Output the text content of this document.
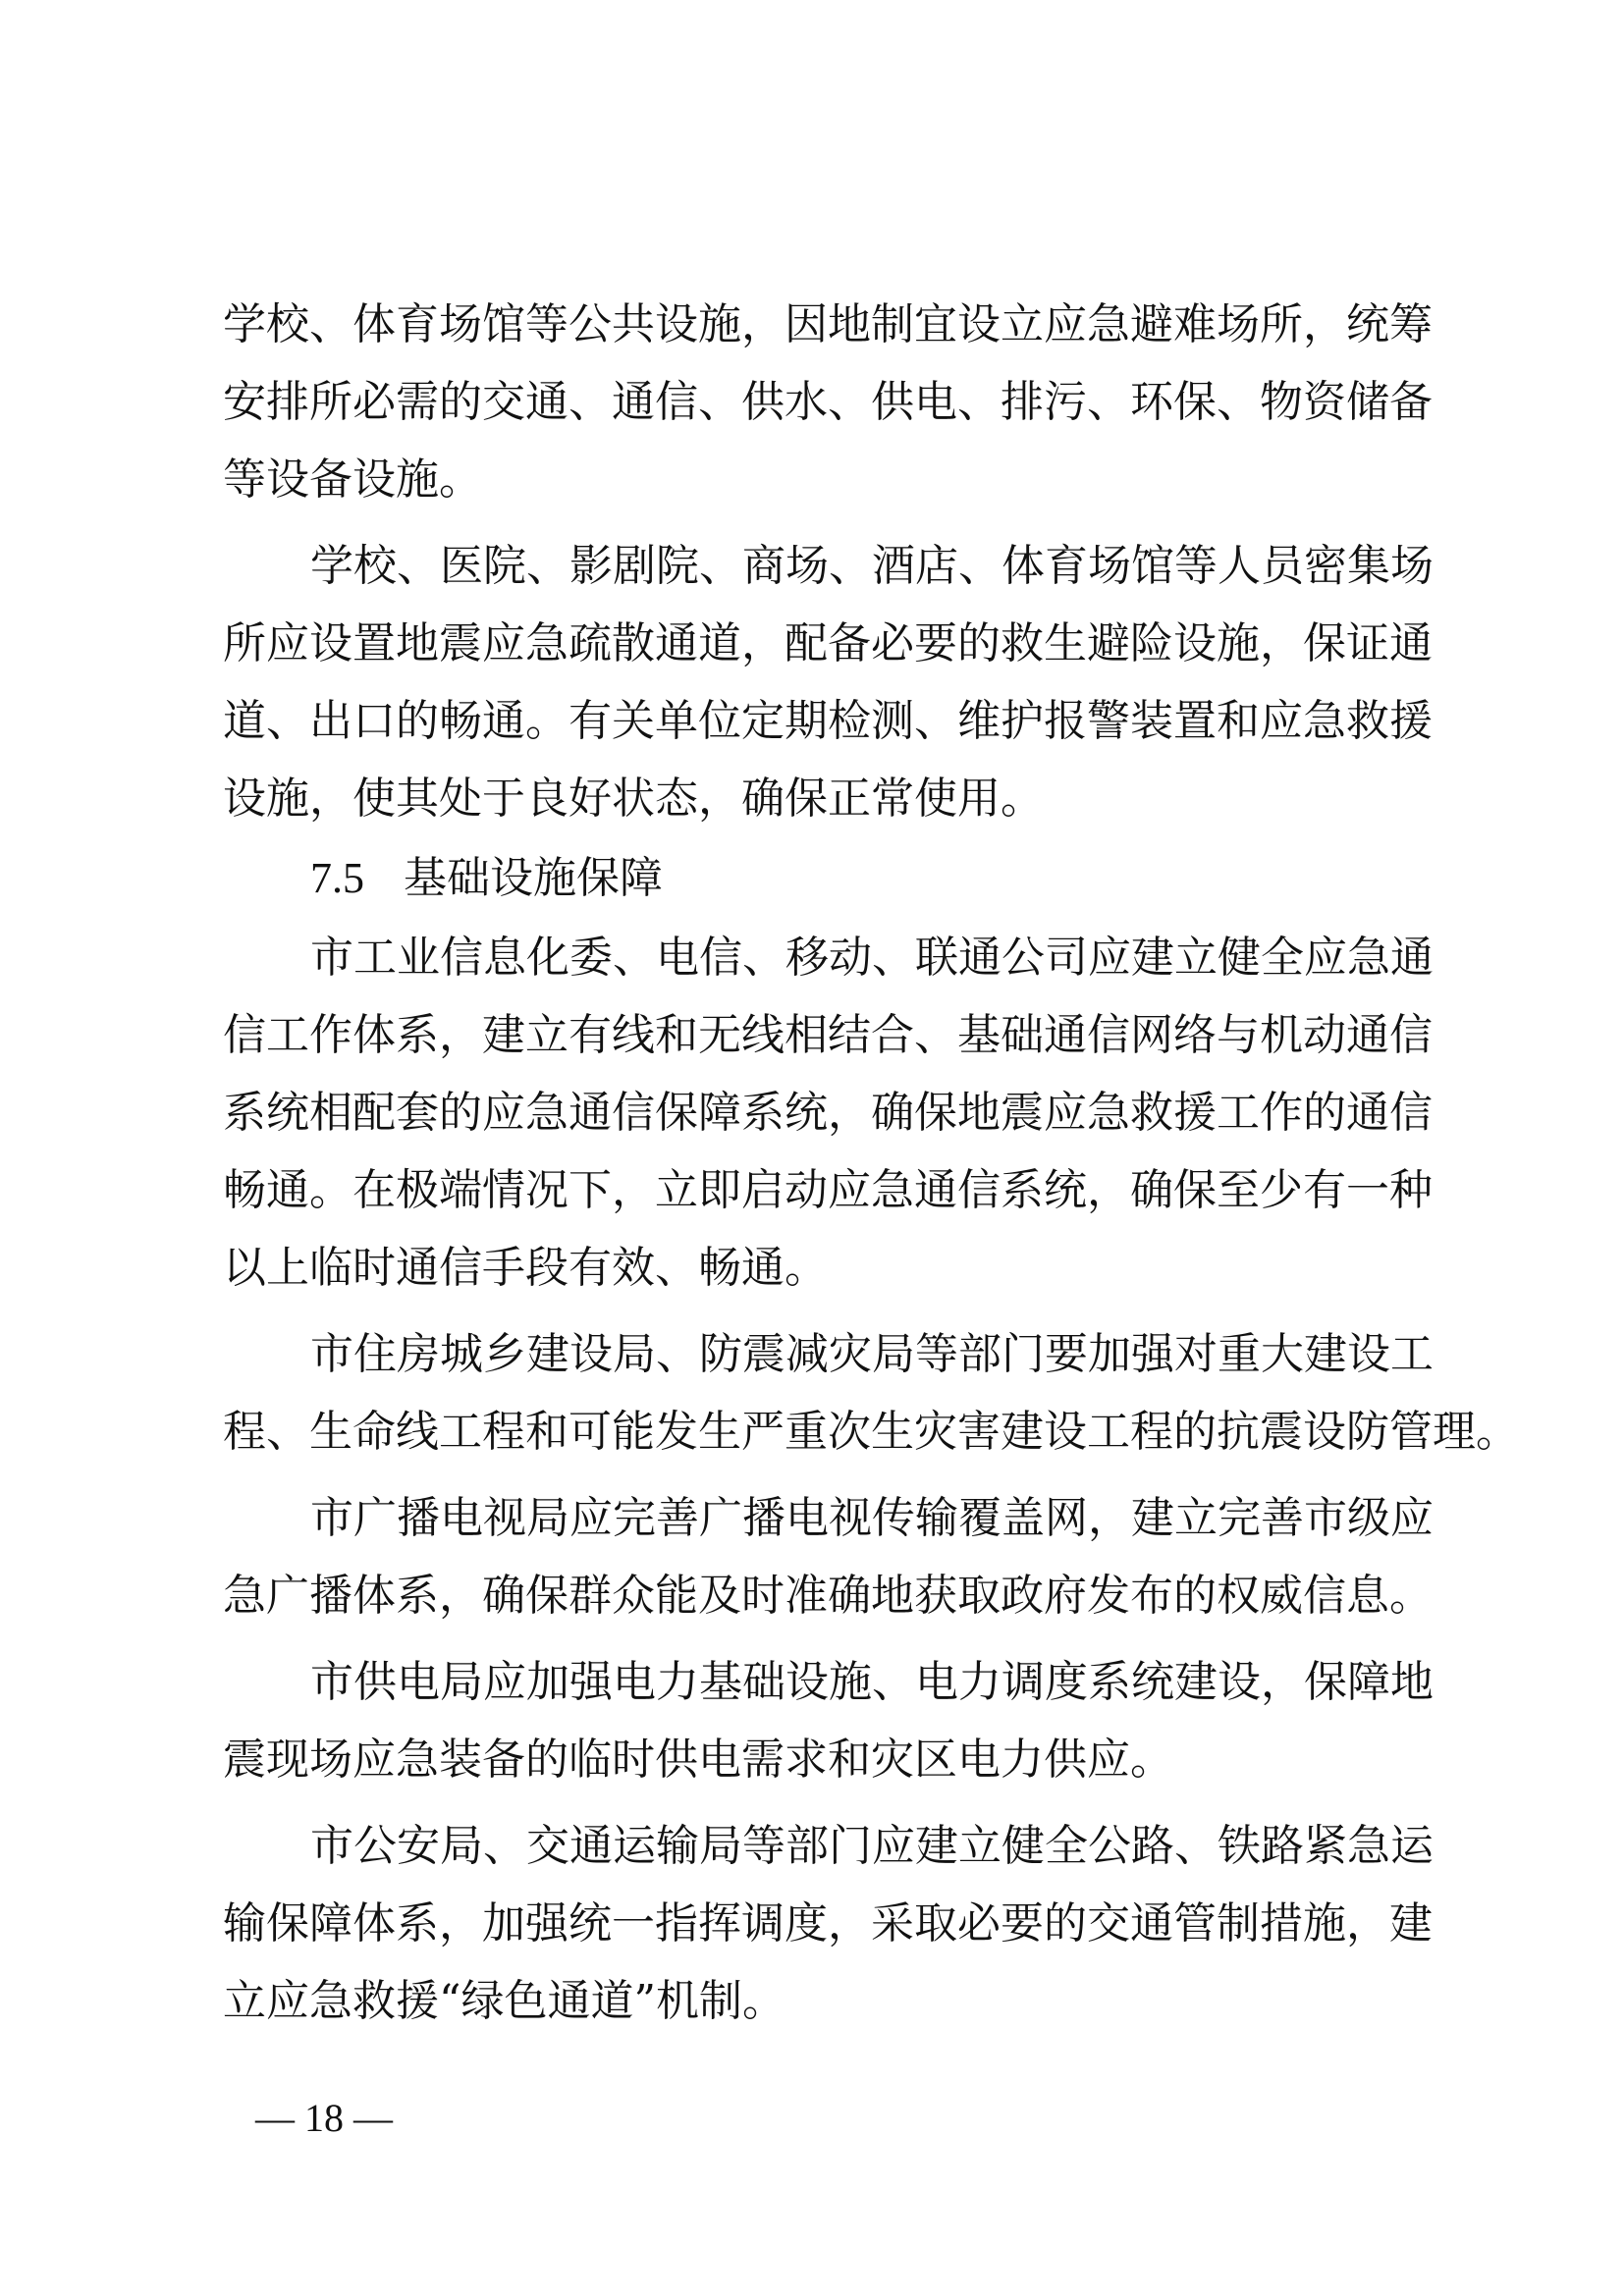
学校、体育场馆等公共设施，因地制宜设立应急避难场所，统筹
安排所必需的交通、通信、供水、供电、排污、环保、物资储备
等设备设施。
学校、医院、影剧院、商场、酒店、体育场馆等人员密集场
所应设置地震应急疏散通道，配备必要的救生避险设施，保证通
道、出口的畅通。有关单位定期检测、维护报警装置和应急救援
设施，使其处于良好状态，确保正常使用。
7.5 基础设施保障
市工业信息化委、电信、移动、联通公司应建立健全应急通
信工作体系，建立有线和无线相结合、基础通信网络与机动通信
系统相配套的应急通信保障系统，确保地震应急救援工作的通信
畅通。在极端情况下，立即启动应急通信系统，确保至少有一种
以上临时通信手段有效、畅通。
市住房城乡建设局、防震减灾局等部门要加强对重大建设工
程、生命线工程和可能发生严重次生灾害建设工程的抗震设防管理。
市广播电视局应完善广播电视传输覆盖网，建立完善市级应
急广播体系，确保群众能及时准确地获取政府发布的权威信息。
市供电局应加强电力基础设施、电力调度系统建设，保障地
震现场应急装备的临时供电需求和灾区电力供应。
市公安局、交通运输局等部门应建立健全公路、铁路紧急运
输保障体系，加强统一指挥调度，采取必要的交通管制措施，建
立应急救援“绿色通道”机制。
— 18 —
